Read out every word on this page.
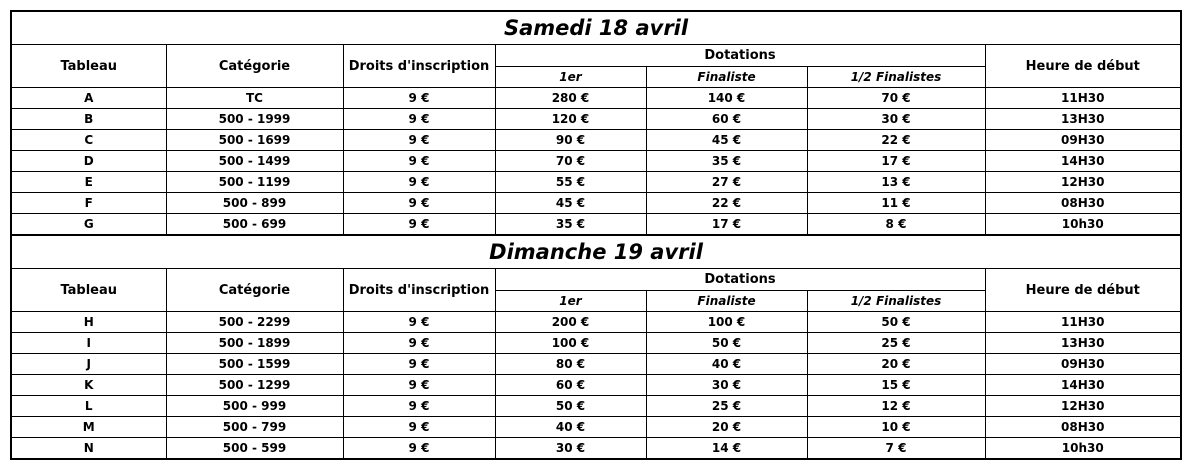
Samedi 18 avril						
Tableau	Catégorie	Droits d'inscription	Dotations			Heure de début
			1er	Finaliste	1/2 Finalistes	
A	TC	9 €	280 €	140 €	70 €	11H30
B	500 - 1999	9 €	120 €	60 €	30 €	13H30
C	500 - 1699	9 €	90 €	45 €	22 €	09H30
D	500 - 1499	9 €	70 €	35 €	17 €	14H30
E	500 - 1199	9 €	55 €	27 €	13 €	12H30
F	500 - 899	9 €	45 €	22 €	11 €	08H30
G	500 - 699	9 €	35 €	17 €	8 €	10h30
Dimanche 19 avril						
Tableau	Catégorie	Droits d'inscription	Dotations			Heure de début
			1er	Finaliste	1/2 Finalistes	
H	500 - 2299	9 €	200 €	100 €	50 €	11H30
I	500 - 1899	9 €	100 €	50 €	25 €	13H30
J	500 - 1599	9 €	80 €	40 €	20 €	09H30
K	500 - 1299	9 €	60 €	30 €	15 €	14H30
L	500 - 999	9 €	50 €	25 €	12 €	12H30
M	500 - 799	9 €	40 €	20 €	10 €	08H30
N	500 - 599	9 €	30 €	14 €	7 €	10h30
